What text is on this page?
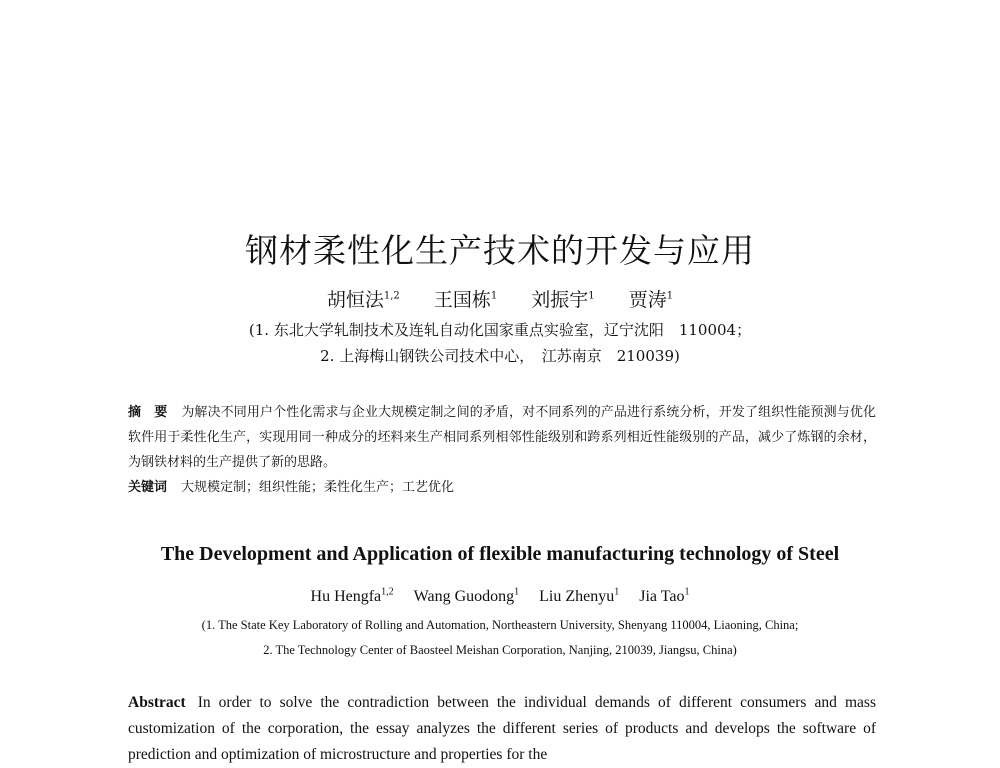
钢材柔性化生产技术的开发与应用
胡恒法$^{1,2}$ 王国栋$^1$ 刘振宇$^1$ 贾涛$^1$
(1. 东北大学轧制技术及连轧自动化国家重点实验室，辽宁沈阳　110004；
2. 上海梅山钢铁公司技术中心，　江苏南京　210039)
摘　要 为解决不同用户个性化需求与企业大规模定制之间的矛盾，对不同系列的产品进行系统分析，开发了组织性能预测与优化软件用于柔性化生产，实现用同一种成分的坯料来生产相同系列相邻性能级别和跨系列相近性能级别的产品，减少了炼钢的余材，为钢铁材料的生产提供了新的思路。
关键词 大规模定制；组织性能；柔性化生产；工艺优化
The Development and Application of flexible manufacturing technology of Steel
Hu Hengfa$^{1,2}$ Wang Guodong$^1$ Liu Zhenyu$^1$ Jia Tao$^1$
(1. The State Key Laboratory of Rolling and Automation, Northeastern University, Shenyang 110004, Liaoning, China;
2. The Technology Center of Baosteel Meishan Corporation, Nanjing, 210039, Jiangsu, China)
Abstract In order to solve the contradiction between the individual demands of different consumers and mass customization of the corporation, the essay analyzes the different series of products and develops the software of prediction and optimization of microstructure and properties for the
